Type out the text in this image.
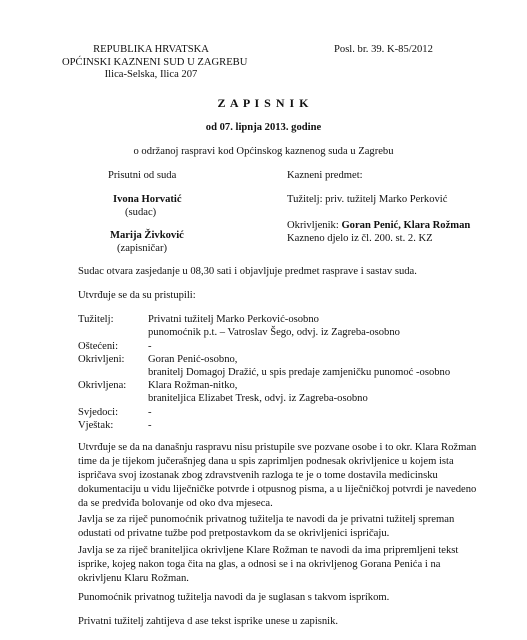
REPUBLIKA HRVATSKA
OPĆINSKI KAZNENI SUD U ZAGREBU
Ilica-Selska, Ilica 207
Posl. br. 39. K-85/2012
Z A P I S N I K
od 07. lipnja 2013. godine
o održanoj raspravi kod Općinskog kaznenog suda u Zagrebu
Prisutni od suda
Ivona Horvatić
(sudac)
Marija Živković
(zapisničar)
Kazneni predmet:
Tužitelj: priv. tužitelj Marko Perković
Okrivljenik: Goran Penić, Klara Rožman
Kazneno djelo iz čl. 200. st. 2. KZ
Sudac otvara zasjedanje u 08,30 sati i objavljuje predmet rasprave i sastav suda.
Utvrđuje se da su pristupili:
Tužitelj:	Privatni tužitelj Marko Perković-osobno
punomoćnik p.t. – Vatroslav Šego, odvj. iz Zagreba-osobno
Oštećeni:	-
Okrivljeni: Goran Penić-osobno,
branitelj Domagoj Dražić, u spis predaje zamjeničku punomoć -osobno
Okrivljena: Klara Rožman-nitko,
braniteljica Elizabet Tresk, odvj. iz Zagreba-osobno
Svjedoci:	-
Vještak:	-
Utvrđuje se da na današnju raspravu nisu pristupile sve pozvane osobe i to okr. Klara Rožman
time da je tijekom jučerašnjeg dana u spis zaprimljen podnesak okrivljenice u kojem ista
ispričava svoj izostanak zbog zdravstvenih razloga te je o tome dostavila medicinsku
dokumentaciju u vidu liječničke potvrde i otpusnog pisma, a u liječničkoj potvrdi je navedeno
da se predviđa bolovanje od oko dva mjeseca.
Javlja se za riječ punomoćnik privatnog tužitelja te navodi da je privatni tužitelj spreman
odustati od privatne tužbe pod pretpostavkom da se okrivljenici ispričaju.
Javlja se za riječ braniteljica okrivljene Klare Rožman te navodi da ima pripremljeni tekst
isprike, kojeg nakon toga čita na glas, a odnosi se i na okrivljenog Gorana Penića i na
okrivljenu Klaru Rožman.
Punomoćnik privatnog tužitelja navodi da je suglasan s takvom ispríkom.
Privatni tužitelj zahtijeva d ase tekst isprike unese u zapisnik.
